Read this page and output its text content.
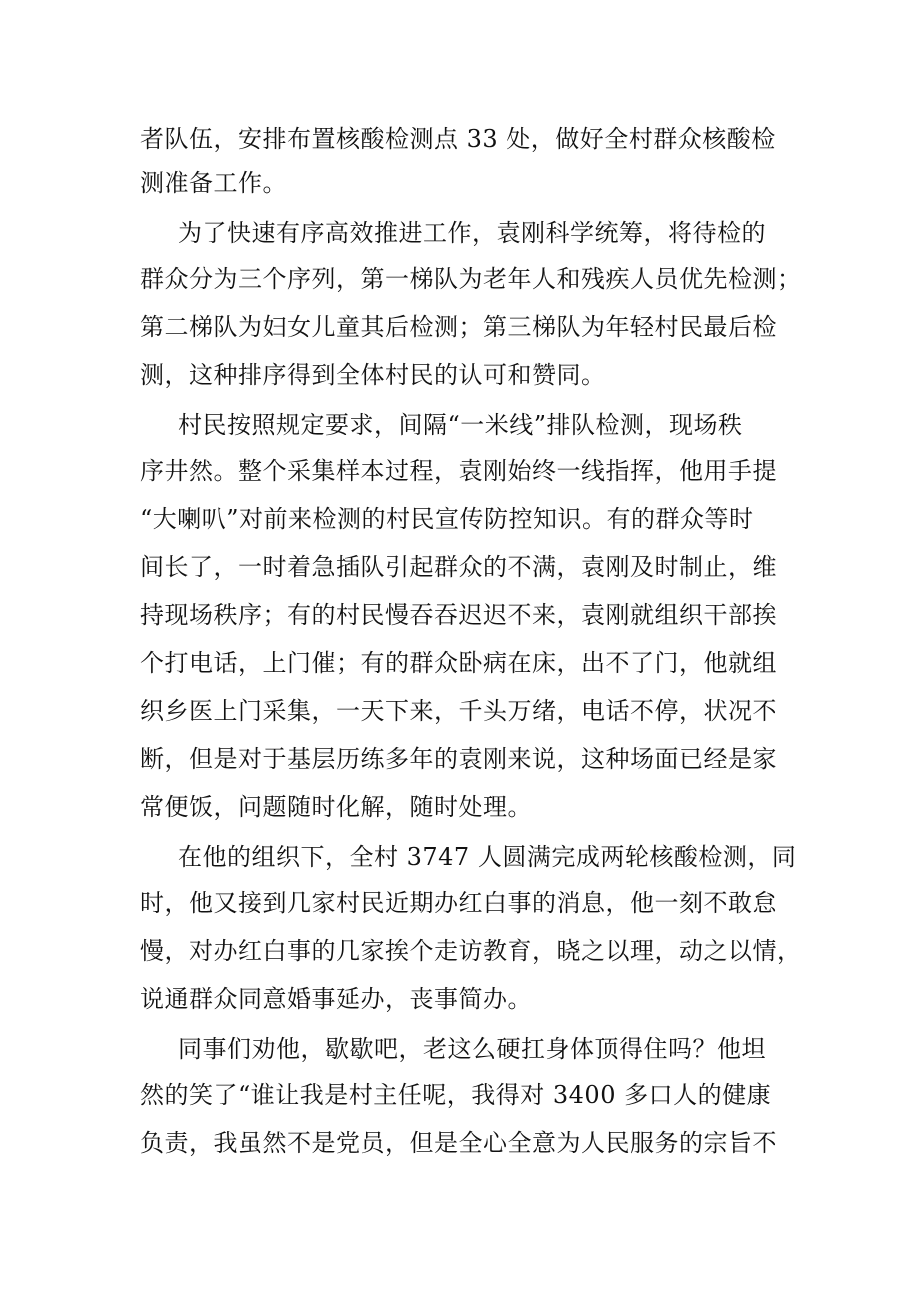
者队伍，安排布置核酸检测点 33 处，做好全村群众核酸检
测准备工作。
为了快速有序高效推进工作，袁刚科学统筹，将待检的
群众分为三个序列，第一梯队为老年人和残疾人员优先检测；
第二梯队为妇女儿童其后检测；第三梯队为年轻村民最后检
测，这种排序得到全体村民的认可和赞同。
村民按照规定要求，间隔“一米线”排队检测，现场秩
序井然。整个采集样本过程，袁刚始终一线指挥，他用手提
“大喇叭”对前来检测的村民宣传防控知识。有的群众等时
间长了，一时着急插队引起群众的不满，袁刚及时制止，维
持现场秩序；有的村民慢吞吞迟迟不来，袁刚就组织干部挨
个打电话，上门催；有的群众卧病在床，出不了门，他就组
织乡医上门采集，一天下来，千头万绪，电话不停，状况不
断，但是对于基层历练多年的袁刚来说，这种场面已经是家
常便饭，问题随时化解，随时处理。
在他的组织下，全村 3747 人圆满完成两轮核酸检测，同
时，他又接到几家村民近期办红白事的消息，他一刻不敢怠
慢，对办红白事的几家挨个走访教育，晓之以理，动之以情，
说通群众同意婚事延办，丧事简办。
同事们劝他，歇歇吧，老这么硬扛身体顶得住吗？他坦
然的笑了“谁让我是村主任呢，我得对 3400 多口人的健康
负责，我虽然不是党员，但是全心全意为人民服务的宗旨不
